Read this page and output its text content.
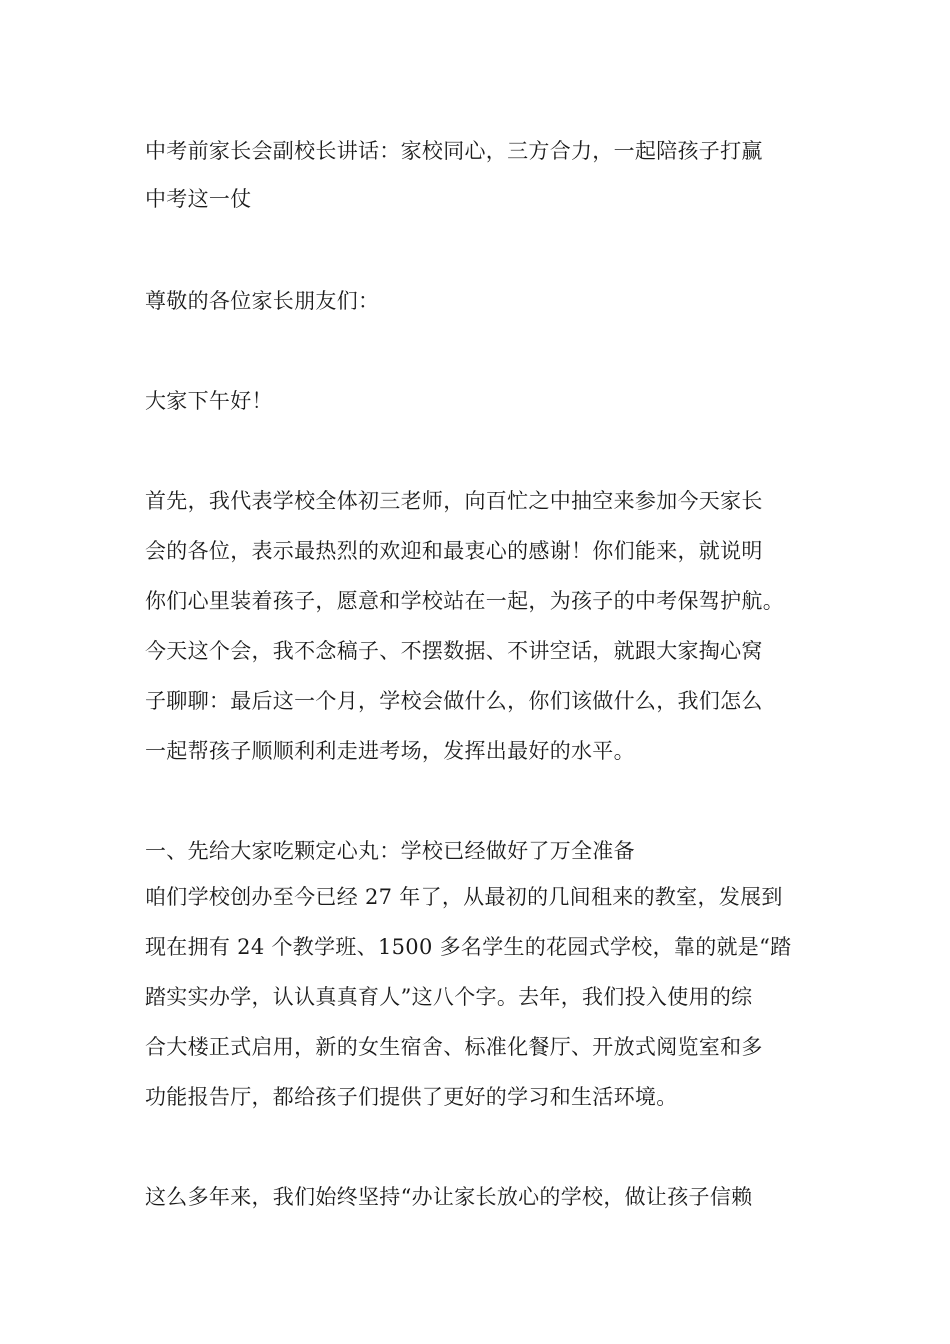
中考前家长会副校长讲话：家校同心，三方合力，一起陪孩子打赢
中考这一仗
尊敬的各位家长朋友们：
大家下午好！
首先，我代表学校全体初三老师，向百忙之中抽空来参加今天家长
会的各位，表示最热烈的欢迎和最衷心的感谢！你们能来，就说明
你们心里装着孩子，愿意和学校站在一起，为孩子的中考保驾护航。
今天这个会，我不念稿子、不摆数据、不讲空话，就跟大家掏心窝
子聊聊：最后这一个月，学校会做什么，你们该做什么，我们怎么
一起帮孩子顺顺利利走进考场，发挥出最好的水平。
一、先给大家吃颗定心丸：学校已经做好了万全准备
咱们学校创办至今已经 27 年了，从最初的几间租来的教室，发展到
现在拥有 24 个教学班、1500 多名学生的花园式学校，靠的就是“踏
踏实实办学，认认真真育人”这八个字。去年，我们投入使用的综
合大楼正式启用，新的女生宿舍、标准化餐厅、开放式阅览室和多
功能报告厅，都给孩子们提供了更好的学习和生活环境。
这么多年来，我们始终坚持“办让家长放心的学校，做让孩子信赖
